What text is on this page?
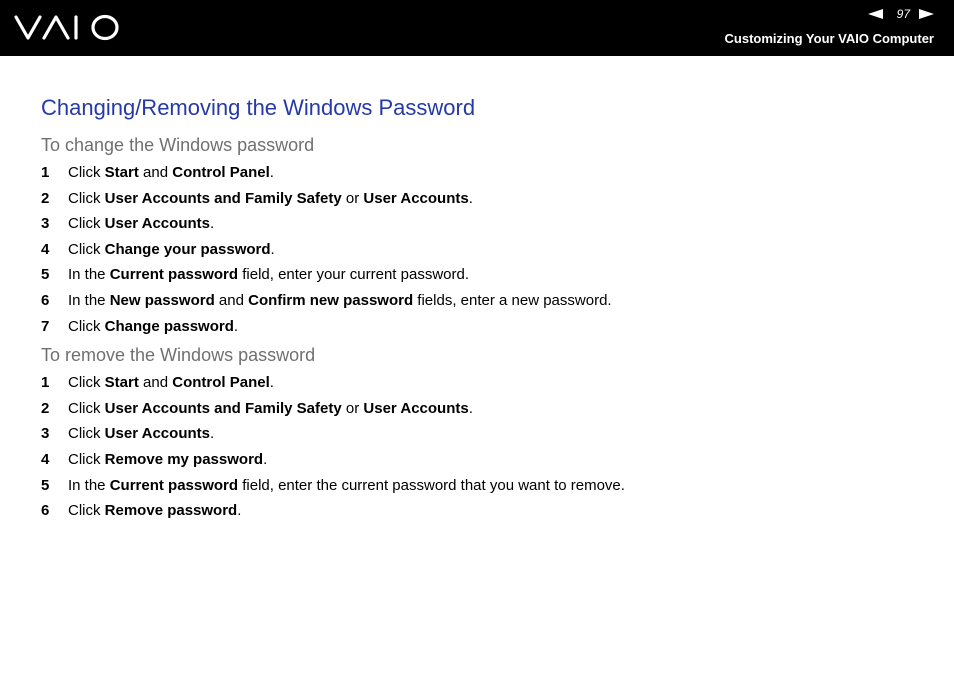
97
Customizing Your VAIO Computer
Changing/Removing the Windows Password
To change the Windows password
1 Click Start and Control Panel.
2 Click User Accounts and Family Safety or User Accounts.
3 Click User Accounts.
4 Click Change your password.
5 In the Current password field, enter your current password.
6 In the New password and Confirm new password fields, enter a new password.
7 Click Change password.
To remove the Windows password
1 Click Start and Control Panel.
2 Click User Accounts and Family Safety or User Accounts.
3 Click User Accounts.
4 Click Remove my password.
5 In the Current password field, enter the current password that you want to remove.
6 Click Remove password.
